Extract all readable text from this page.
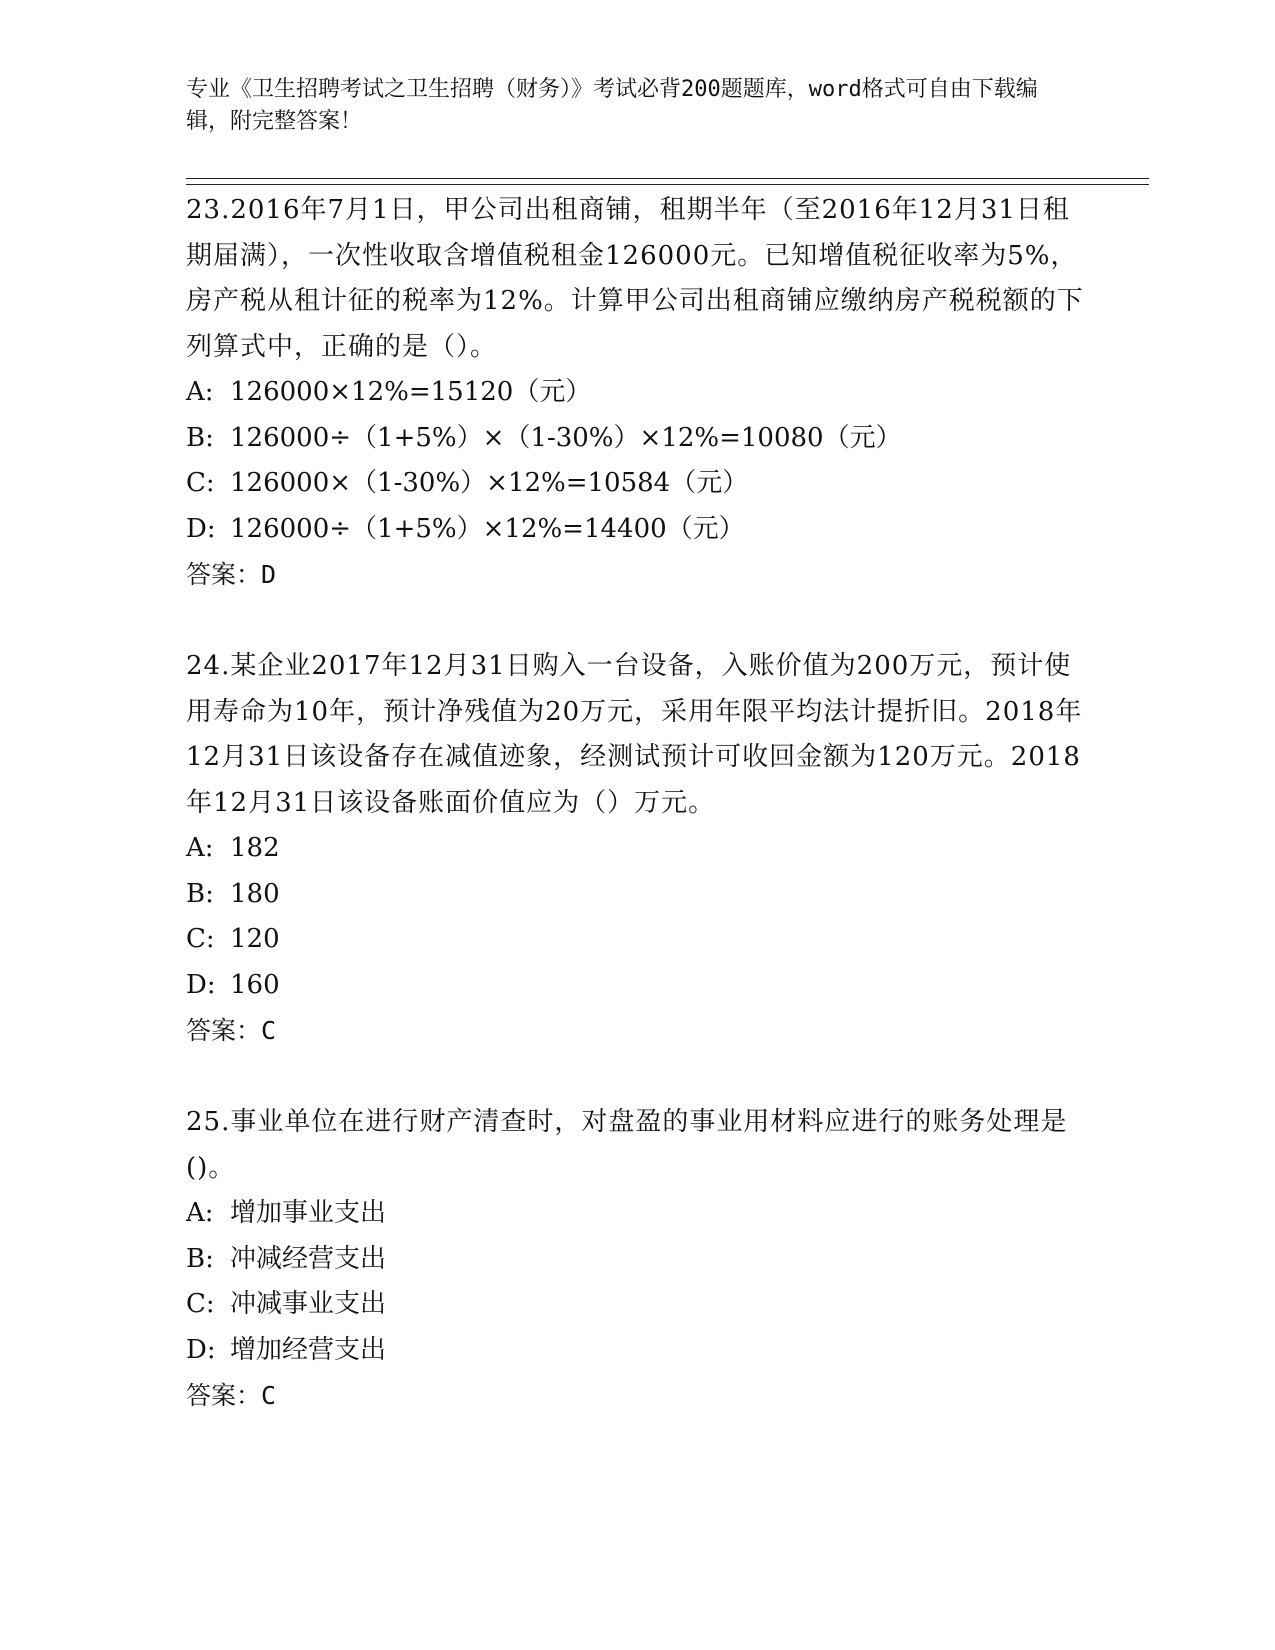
专业《卫生招聘考试之卫生招聘（财务）》考试必背200题题库，word格式可自由下载编辑，附完整答案！
23.2016年7月1日，甲公司出租商铺，租期半年（至2016年12月31日租期届满），一次性收取含增值税租金126000元。已知增值税征收率为5%，房产税从租计征的税率为12%。计算甲公司出租商铺应缴纳房产税税额的下列算式中，正确的是（）。
A: 126000×12%=15120（元）
B: 126000÷（1+5%）×（1-30%）×12%=10080（元）
C: 126000×（1-30%）×12%=10584（元）
D: 126000÷（1+5%）×12%=14400（元）
答案：D
24.某企业2017年12月31日购入一台设备，入账价值为200万元，预计使用寿命为10年，预计净残值为20万元，采用年限平均法计提折旧。2018年12月31日该设备存在减值迹象，经测试预计可收回金额为120万元。2018年12月31日该设备账面价值应为（）万元。
A: 182
B: 180
C: 120
D: 160
答案：C
25.事业单位在进行财产清查时，对盘盈的事业用材料应进行的账务处理是()。
A: 增加事业支出
B: 冲减经营支出
C: 冲减事业支出
D: 增加经营支出
答案：C
